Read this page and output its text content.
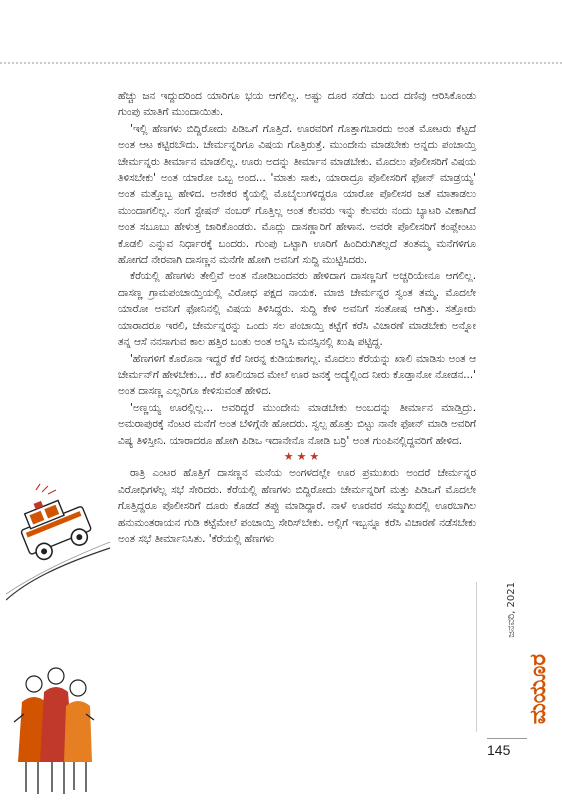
ಹೆಚ್ಚು ಜನ ಇದ್ದುದರಿಂದ ಯಾರಿಗೂ ಭಯ ಆಗಲಿಲ್ಲ. ಅಷ್ಟು ದೂರ ನಡೆದು ಬಂದ ದಣಿವು ಆರಿಸಿಕೊಂಡು ಗುಂಪು ಮಾತಿಗೆ ಮುಂದಾಯಿತು.

'ಇಲ್ಲಿ ಹೆಣಗಳು ಬಿದ್ದಿರೋದು ಪಿಡಿಒಗೆ ಗೊತ್ತಿದೆ. ಊರವರಿಗೆ ಗೊತ್ತಾಗಬಾರದು ಅಂತ ಮೋಟರು ಕೆಟ್ಟದೆ ಅಂತ ಆಟ ಕಟ್ಟಿರಬೌದು. ಚೇರ್ಮನ್ನರಿಗೂ ವಿಷಯ ಗೊತ್ತಿರುತ್ತೆ. ಮುಂದೇನು ಮಾಡಬೇಕು ಅನ್ನದು ಪಂಚಾಯ್ತಿ ಚೇರ್ಮನ್ನರು ತೀರ್ಮಾನ ಮಾಡಲಿಲ್ಲ. ಊರು ಅದನ್ನು ತೀರ್ಮಾನ ಮಾಡಬೇಕು. ಮೊದಲು ಪೊಲೀಸರಿಗೆ ವಿಷಯ ತಿಳಿಸಬೇಕು' ಅಂತ ಯಾರೋ ಒಬ್ಬ ಅಂದ... 'ಮಾತು ಸಾಕು, ಯಾರಾದ್ರೂ ಪೊಲೀಸರಿಗೆ ಫೋನ್ ಮಾಡ್ರಯ್ಯ' ಅಂತ ಮತ್ತೊಬ್ಬ ಹೇಳಿದ. ಅನೇಕರ ಕೈಯಲ್ಲಿ ಮೊಬೈಲುಗಳಿದ್ದರೂ ಯಾರೋ ಪೊಲೀಸರ ಜತೆ ಮಾತಾಡಲು ಮುಂದಾಗಲಿಲ್ಲ. ನಂಗೆ ಸ್ಟೇಷನ್ ನಂಬರ್ ಗೊತ್ತಿಲ್ಲ ಅಂತ ಕೆಲವರು ಇನ್ನು ಕೆಲವರು ನಂದು ಬ್ಯಾಟರಿ ವೀಕಾಗಿದೆ ಅಂತ ಸಬೂಬು ಹೇಳುತ್ತ ಜಾರಿಕೊಂಡರು. ಮೊದ್ಲು ದಾಸಣ್ಣಾರಿಗೆ ಹೇಳಾನ. ಅವರೇ ಪೊಲೀಸರಿಗೆ ಕಂಪ್ಲೇಂಟು ಕೊಡಲಿ ಎನ್ನುವ ನಿರ್ಧಾರಕ್ಕೆ ಬಂದರು. ಗುಂಪು ಒಟ್ಟಾಗಿ ಊರಿಗೆ ಹಿಂದಿರುಗಿತಲ್ಲದೆ ತಂತಮ್ಮ ಮನೆಗಳಿಗೂ ಹೋಗದೆ ನೇರವಾಗಿ ದಾಸಣ್ಣನ ಮನೆಗೇ ಹೋಗಿ ಅವನಿಗೆ ಸುದ್ದಿ ಮುಟ್ಟಿಸಿದರು.

ಕೆರೆಯಲ್ಲಿ ಹೆಣಗಳು ತೇಲ್ತಿವೆ ಅಂತ ನೋಡಿಬಂದವರು ಹೇಳಿದಾಗ ದಾಸಣ್ಣನಿಗೆ ಅಚ್ಚರಿಯೇನೂ ಆಗಲಿಲ್ಲ. ದಾಸಣ್ಣ ಗ್ರಾಮಪಂಚಾಯ್ತಿಯಲ್ಲಿ ವಿರೋಧ ಪಕ್ಷದ ನಾಯಕ. ಮಾಜಿ ಚೇರ್ಮನ್ನರ ಸ್ವಂತ ತಮ್ಮ. ಮೊದಲೇ ಯಾರೋ ಅವನಿಗೆ ಫೋನಿನಲ್ಲಿ ವಿಷಯ ತಿಳಿಸಿದ್ದರು. ಸುದ್ದಿ ಕೇಳಿ ಅವನಿಗೆ ಸಂತೋಷ ಆಗಿತ್ತು. ಸತ್ತೋರು ಯಾರಾದರೂ ಇರಲಿ, ಚೇರ್ಮನ್ನರನ್ನು ಒಂದು ಸಲ ಪಂಚಾಯ್ತಿ ಕಟ್ಟೆಗೆ ಕರೆಸಿ ವಿಚಾರಣೆ ಮಾಡಬೇಕು ಅನ್ನೋ ತನ್ನ ಆಸೆ ನನಸಾಗುವ ಕಾಲ ಹತ್ತಿರ ಬಂತು ಅಂತ ಅನ್ನಿಸಿ ಮನಸ್ಸಿನಲ್ಲಿ ಖುಷಿ ಪಟ್ಟಿದ್ದ.

'ಹೆಣಗಳಿಗೆ ಕೊರೊನಾ ಇದ್ದರೆ ಕೆರೆ ನೀರನ್ನ ಕುಡಿಯಕಾಗಲ್ಲ. ಮೊದಲು ಕೆರೆಯನ್ನು ಖಾಲಿ ಮಾಡಿಸು ಅಂತ ಆ ಚೇರ್ಮನ್‌ಗೆ ಹೇಳಬೇಕು... ಕೆರೆ ಖಾಲಿಯಾದ ಮೇಲೆ ಊರ ಜನಕ್ಕೆ ಅದ್ಯೆಲ್ಲಿಂದ ನೀರು ಕೊಡ್ತಾನೋ ನೋಡನ...' ಅಂತ ದಾಸಣ್ಣ ಎಲ್ಲರಿಗೂ ಕೇಳಿಸುವಂತೆ ಹೇಳಿದ.

'ಅಣ್ಣಯ್ಯ ಊರಲ್ಲಿಲ್ಲ... ಅವರಿದ್ದರೆ ಮುಂದೇನು ಮಾಡಬೇಕು ಅಂಬದನ್ನು ತೀರ್ಮಾನ ಮಾಡ್ತಿದ್ರು. ಅಮರಾಪುರಕ್ಕೆ ನೆಂಟರ ಮನೆಗೆ ಅಂತ ಬೆಳಿಗ್ಗೆನೇ ಹೋದರು. ಸ್ವಲ್ಪ ಹೊತ್ತು ಬಿಟ್ಟು ನಾನೇ ಫೋನ್ ಮಾಡಿ ಅವರಿಗೆ ವಿಷ್ಯ ತಿಳಿಸ್ತೀನಿ. ಯಾರಾದರೂ ಹೋಗಿ ಪಿಡಿಒ ಇದಾನೇನೊ ನೋಡಿ ಬರ್ರಿ' ಅಂತ ಗುಂಪಿನಲ್ಲಿದ್ದವರಿಗೆ ಹೇಳಿದ.

★★★

ರಾತ್ರಿ ಎಂಟರ ಹೊತ್ತಿಗೆ ದಾಸಣ್ಣನ ಮನೆಯ ಅಂಗಳದಲ್ಲೇ ಊರ ಪ್ರಮುಖರು ಅಂದರೆ ಚೇರ್ಮನ್ನರ ವಿರೋಧಿಗಳೆಲ್ಲ ಸಭೆ ಸೇರಿದರು. ಕೆರೆಯಲ್ಲಿ ಹೆಣಗಳು ಬಿದ್ದಿರೋದು ಚೇರ್ಮನ್ನರಿಗೆ ಮತ್ತು ಪಿಡಿಒಗೆ ಮೊದಲೇ ಗೊತ್ತಿದ್ದರೂ ಪೊಲೀಸರಿಗೆ ದೂರು ಕೊಡದೆ ತಪ್ಪು ಮಾಡಿದ್ದಾರೆ. ನಾಳೆ ಊರವರ ಸಮ್ಮುಖದಲ್ಲಿ ಊರಬಾಗಿಲ ಹನುಮಂತರಾಯನ ಗುಡಿ ಕಟ್ಟೆಮೇಲೆ ಪಂಚಾಯ್ತಿ ಸೇರಿಸ್‌ಬೇಕು. ಅಲ್ಲಿಗೆ ಇಬ್ಬನ್ನೂ ಕರೆಸಿ ವಿಚಾರಣೆ ನಡೆಸಬೇಕು ಅಂತ ಸಭೆ ತೀರ್ಮಾನಿಸಿತು. 'ಕೆರೆಯಲ್ಲಿ ಹೆಣಗಳು

ಜನವರಿ, 2021
ಮಯೂರ
145
